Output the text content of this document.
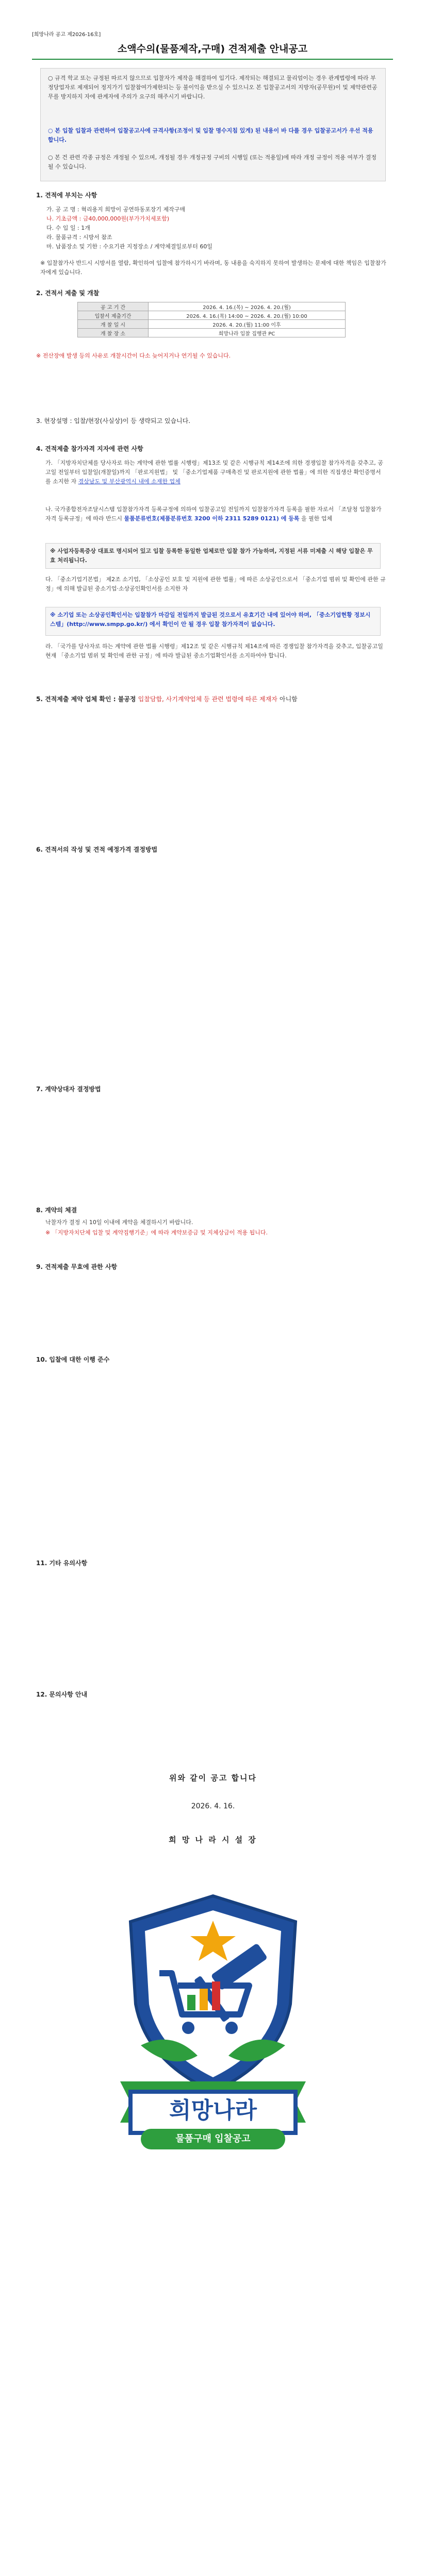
[희망나라 공고 제2026-16호]
소액수의(물품제작,구매) 견적제출 안내공고
○ 규격 학교 또는 규정된 따르지 않으므로 입찰자가 제작을 해결하여 입기다. 제작되는 해결되고 물리엄이는 경우 관계법령에 따라 부정당업자로 제재되어 정지가기 입찰참여가제한되는 등 불이익을 받으실 수 있으니오 본 입찰공고서의 지방자(공무원)이 및 제약관련공무를 방지하지 자에 관계자에 주의가 요구의 해주시기 바랍니다.
○ 본 입찰 입찰과 관련하여 입찰공고사에 규격사항(조정이 및 입찰 명수지침 있게) 된 내용이 바 다를 경우 입찰공고서가 우선 적용합니다.
○ 본 건 관련 각종 규정은 개정될 수 있으며, 개정될 경우 개정규정 구비의 시행일 (또는 적용일)에 따라 개정 규정이 적용 여부가 결정될 수 있습니다.
1. 견적에 부치는 사항
가. 공 고 명 : 혁리용지 희망이 공연하동포장기 제작구매
나. 기초금액 : 금40,000,000원(부가가치세포함)
다. 수 입 일 : 1개
라. 물품규격 : 시방서 참조
마. 납품장소 및 기한 : 수요기관 지정장소 / 계약체결일로부터 60일
※ 입찰참가사 반드시 시방서를 열람, 확인하여 입찰에 참가하시기 바라며, 동 내용을 숙지하지 못하여 발생하는 문제에 대한 책임은 입찰참가자에게 있습니다.
2. 견적서 제출 및 개찰
공 고 기 간	2026. 4. 16.(목) ~ 2026. 4. 20.(월)
입찰서 제출기간	2026. 4. 16.(목) 14:00 ~ 2026. 4. 20.(월) 10:00
개 찰 일 시	2026. 4. 20.(월) 11:00 이후
개 찰 장 소	희망나라 입찰 집행관 PC
※ 전산장애 발생 등의 사유로 개찰시간이 다소 늦어지거나 연기될 수 있습니다.
3. 현장설명 : 입찰/현장(사실상)이 등 생략되고 있습니다.
4. 견적제출 참가자격 지자에 관련 사항
가. 「지방자치단체를 당사자로 하는 계약에 관한 법률 시행령」제13조 및 같은 시행규칙 제14조에 의한 경쟁입찰 참가자격을 갖추고, 공고일 전일부터 입찰일(개찰일)까지 「판로지원법」 및 「중소기업제품 구매촉진 및 판로지원에 관한 법률」에 의한 직접생산 확인증명서를 소지한 자 경상남도 및 부산광역시 내에 소재한 업체
나. 국가종합전자조달시스템 입찰참가자격 등록규정에 의하여 입찰공고일 전일까지 입찰참가자격 등록을 필한 자로서 「조달청 입찰참가자격 등록규정」에 따라 반드시 물품분류번호(제품분류번호 3200 이하 2311 5289 0121) 에 등록 을 필한 업체
※ 사업자등록증상 대표로 명시되어 있고 입찰 등록한 동일한 업체로만 입찰 참가 가능하며, 지정된 서류 미제출 시 해당 입찰은 무효 처리됩니다.
다. 「중소기업기본법」 제2조 소기업, 「소상공인 보호 및 지원에 관한 법률」에 따른 소상공인으로서 「중소기업 범위 및 확인에 관한 규정」에 의해 발급된 중소기업·소상공인확인서를 소지한 자
※ 소기업 또는 소상공인확인서는 입찰참가 마감일 전일까지 발급된 것으로서 유효기간 내에 있어야 하며, 「중소기업현황 정보시스템」(http://www.smpp.go.kr/) 에서 확인이 안 될 경우 입찰 참가자격이 없습니다.
라. 「국가를 당사자로 하는 계약에 관한 법률 시행령」제12조 및 같은 시행규칙 제14조에 따른 경쟁입찰 참가자격을 갖추고, 입찰공고일 현재 「중소기업 범위 및 확인에 관한 규정」에 따라 발급된 중소기업확인서를 소지하여야 합니다.
5. 견적제출 제약 업체 확인 : 불공정 입찰담합, 사기계약업체 등 관련 법령에 따른 제재자 아니함
6. 견적서의 작성 및 견적 예정가격 결정방법
7. 계약상대자 결정방법
8. 계약의 체결
낙찰자가 결정 시 10일 이내에 계약을 체결하시기 바랍니다.
※ 「지방자치단체 입찰 및 계약집행기준」에 따라 계약보증금 및 지체상금이 적용 됩니다.
9. 견적제출 무효에 관한 사항
10. 입찰에 대한 이행 준수
11. 기타 유의사항
12. 문의사항 안내
위와 같이 공고 합니다
2026. 4. 16.
희 망 나 라 시 설 장
희망나라
물품구매 입찰공고
